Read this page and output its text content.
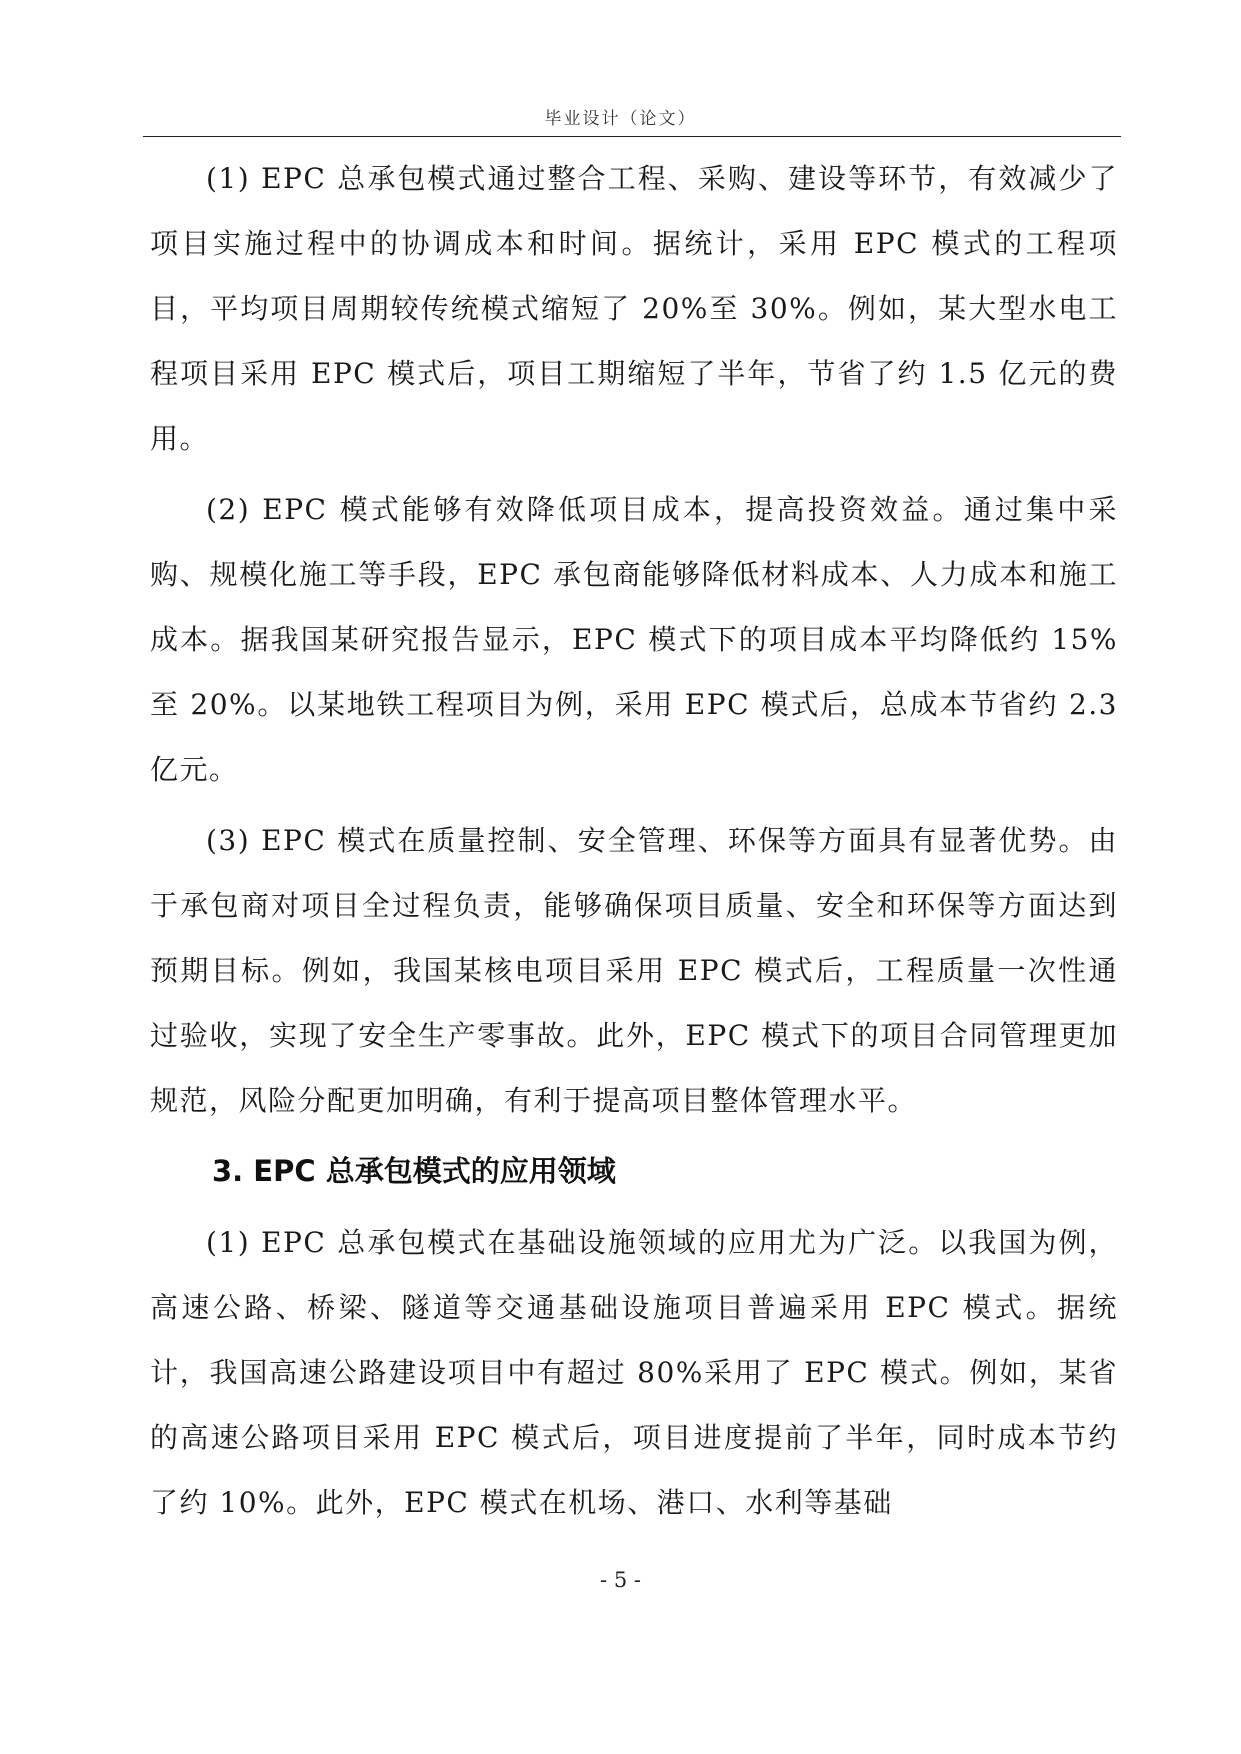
毕业设计（论文）

(1) EPC 总承包模式通过整合工程、采购、建设等环节，有效减少了项目实施过程中的协调成本和时间。据统计，采用 EPC 模式的工程项目，平均项目周期较传统模式缩短了 20%至 30%。例如，某大型水电工程项目采用 EPC 模式后，项目工期缩短了半年，节省了约 1.5 亿元的费用。

(2) EPC 模式能够有效降低项目成本，提高投资效益。通过集中采购、规模化施工等手段，EPC 承包商能够降低材料成本、人力成本和施工成本。据我国某研究报告显示，EPC 模式下的项目成本平均降低约 15%至 20%。以某地铁工程项目为例，采用 EPC 模式后，总成本节省约 2.3 亿元。

(3) EPC 模式在质量控制、安全管理、环保等方面具有显著优势。由于承包商对项目全过程负责，能够确保项目质量、安全和环保等方面达到预期目标。例如，我国某核电项目采用 EPC 模式后，工程质量一次性通过验收，实现了安全生产零事故。此外，EPC 模式下的项目合同管理更加规范，风险分配更加明确，有利于提高项目整体管理水平。

3. EPC 总承包模式的应用领域

(1) EPC 总承包模式在基础设施领域的应用尤为广泛。以我国为例，高速公路、桥梁、隧道等交通基础设施项目普遍采用 EPC 模式。据统计，我国高速公路建设项目中有超过 80%采用了 EPC 模式。例如，某省的高速公路项目采用 EPC 模式后，项目进度提前了半年，同时成本节约了约 10%。此外，EPC 模式在机场、港口、水利等基础

- 5 -
